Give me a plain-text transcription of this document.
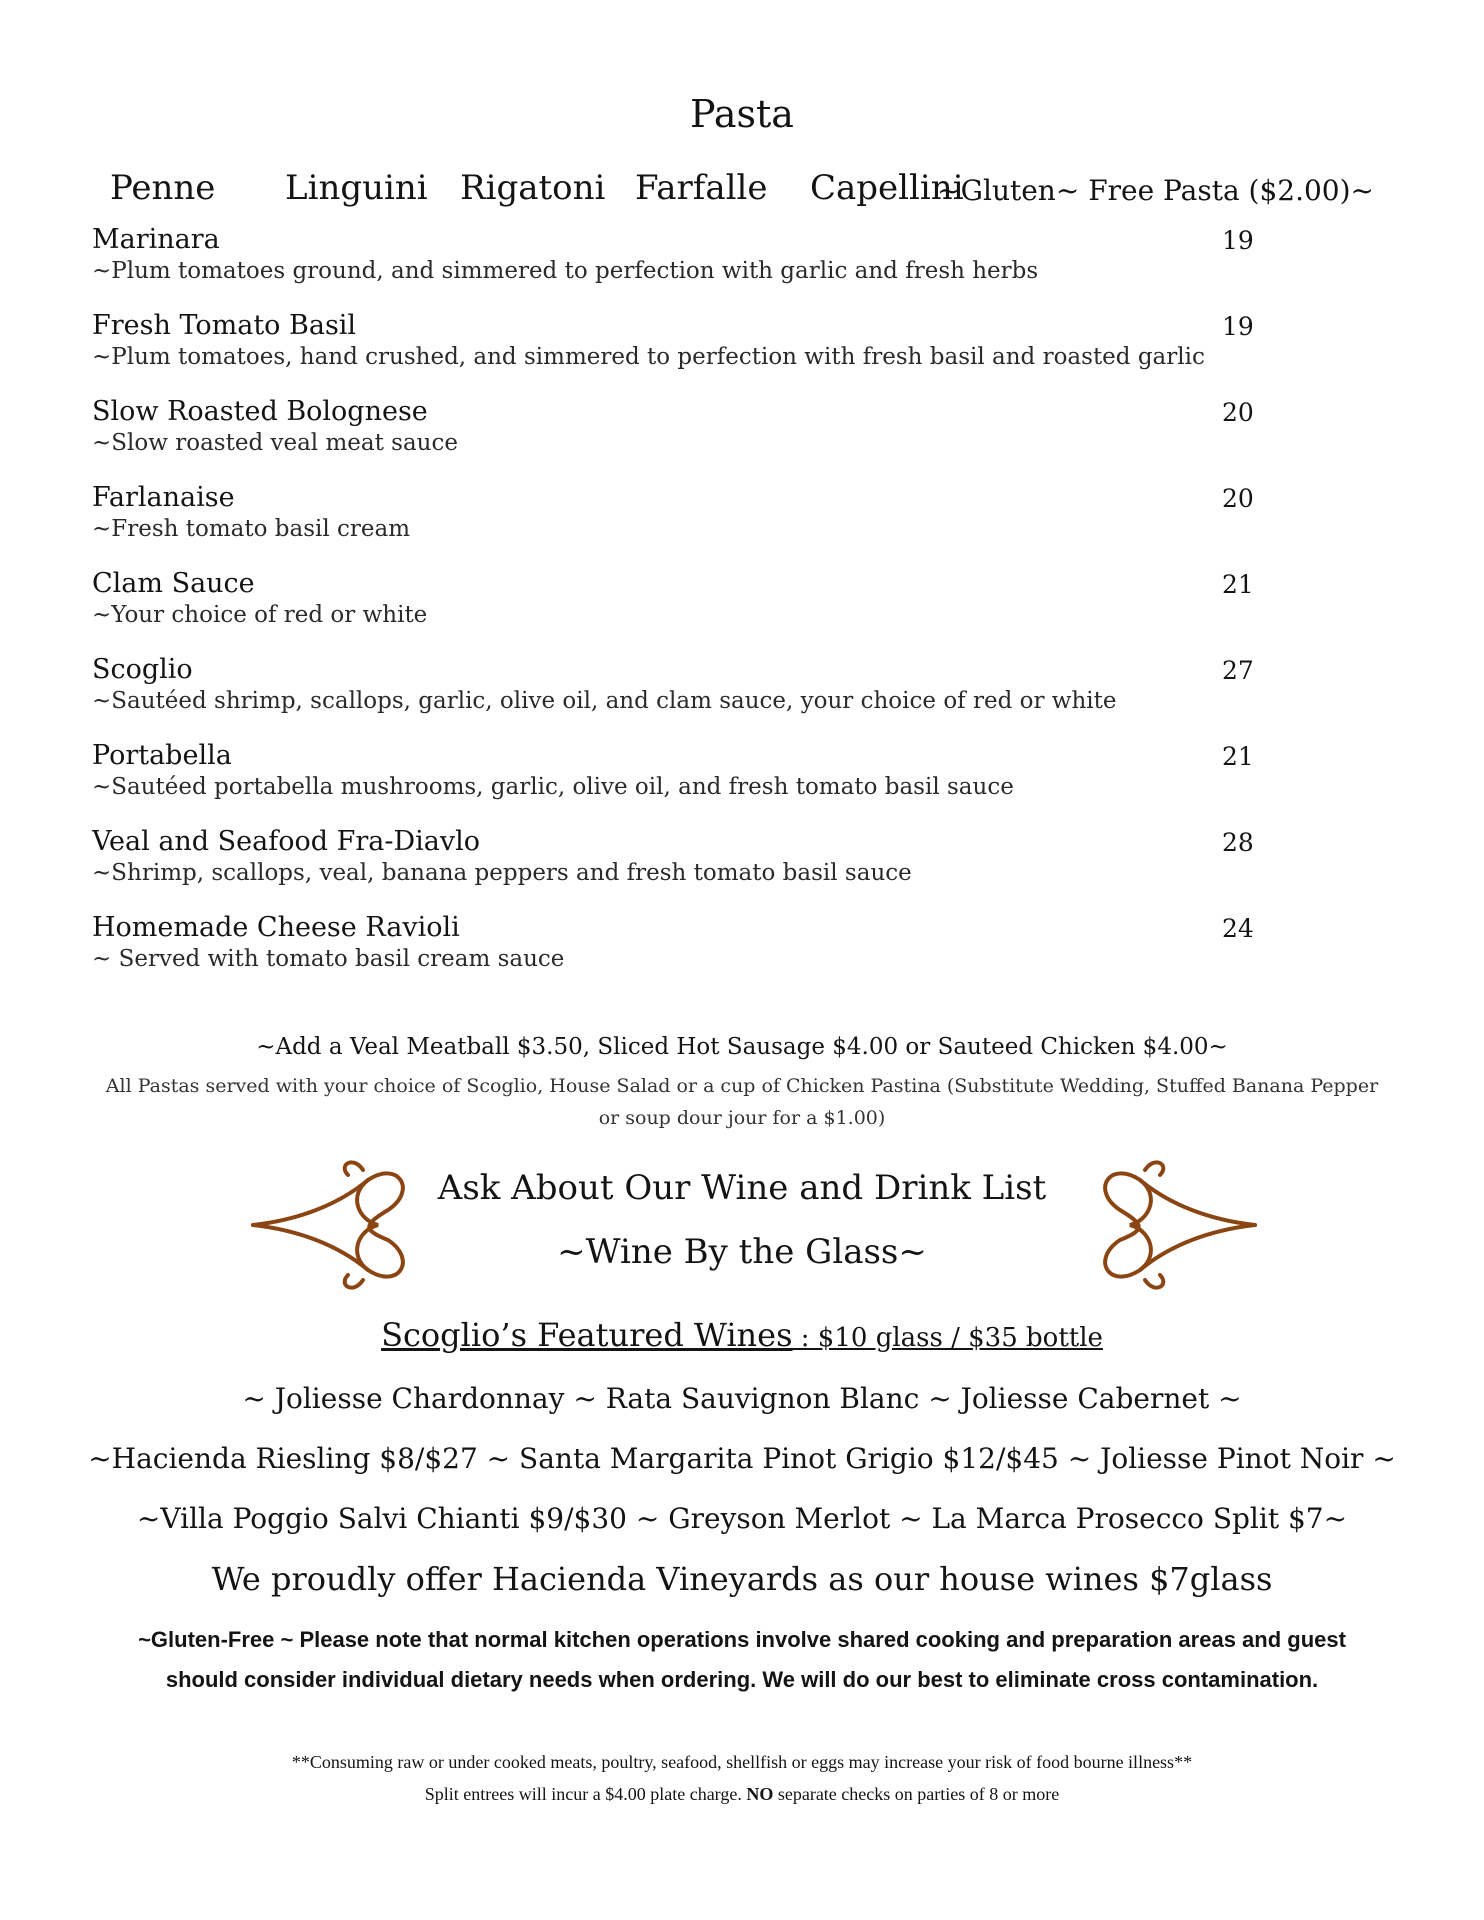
Pasta
Penne Linguini Rigatoni Farfalle Capellini
~Gluten~ Free Pasta ($2.00)~
Marinara
~Plum tomatoes ground, and simmered to perfection with garlic and fresh herbs
19
Fresh Tomato Basil
~Plum tomatoes, hand crushed, and simmered to perfection with fresh basil and roasted garlic
19
Slow Roasted Bolognese
~Slow roasted veal meat sauce
20
Farlanaise
~Fresh tomato basil cream
20
Clam Sauce
~Your choice of red or white
21
Scoglio
~Sautéed shrimp, scallops, garlic, olive oil, and clam sauce, your choice of red or white
27
Portabella
~Sautéed portabella mushrooms, garlic, olive oil, and fresh tomato basil sauce
21
Veal and Seafood Fra-Diavlo
~Shrimp, scallops, veal, banana peppers and fresh tomato basil sauce
28
Homemade Cheese Ravioli
~ Served with tomato basil cream sauce
24
~Add a Veal Meatball $3.50, Sliced Hot Sausage $4.00 or Sauteed Chicken $4.00~
All Pastas served with your choice of Scoglio, House Salad or a cup of Chicken Pastina (Substitute Wedding, Stuffed Banana Pepper or soup dour jour for a $1.00)
Ask About Our Wine and Drink List
~Wine By the Glass~
Scoglio’s Featured Wines : $10 glass / $35 bottle
~ Joliesse Chardonnay ~ Rata Sauvignon Blanc ~ Joliesse Cabernet ~
~Hacienda Riesling $8/$27 ~ Santa Margarita Pinot Grigio $12/$45 ~ Joliesse Pinot Noir ~
~Villa Poggio Salvi Chianti $9/$30 ~ Greyson Merlot ~ La Marca Prosecco Split $7~
We proudly offer Hacienda Vineyards as our house wines $7glass
~Gluten-Free ~ Please note that normal kitchen operations involve shared cooking and preparation areas and guest should consider individual dietary needs when ordering. We will do our best to eliminate cross contamination.
**Consuming raw or under cooked meats, poultry, seafood, shellfish or eggs may increase your risk of food bourne illness**
Split entrees will incur a $4.00 plate charge. NO separate checks on parties of 8 or more
